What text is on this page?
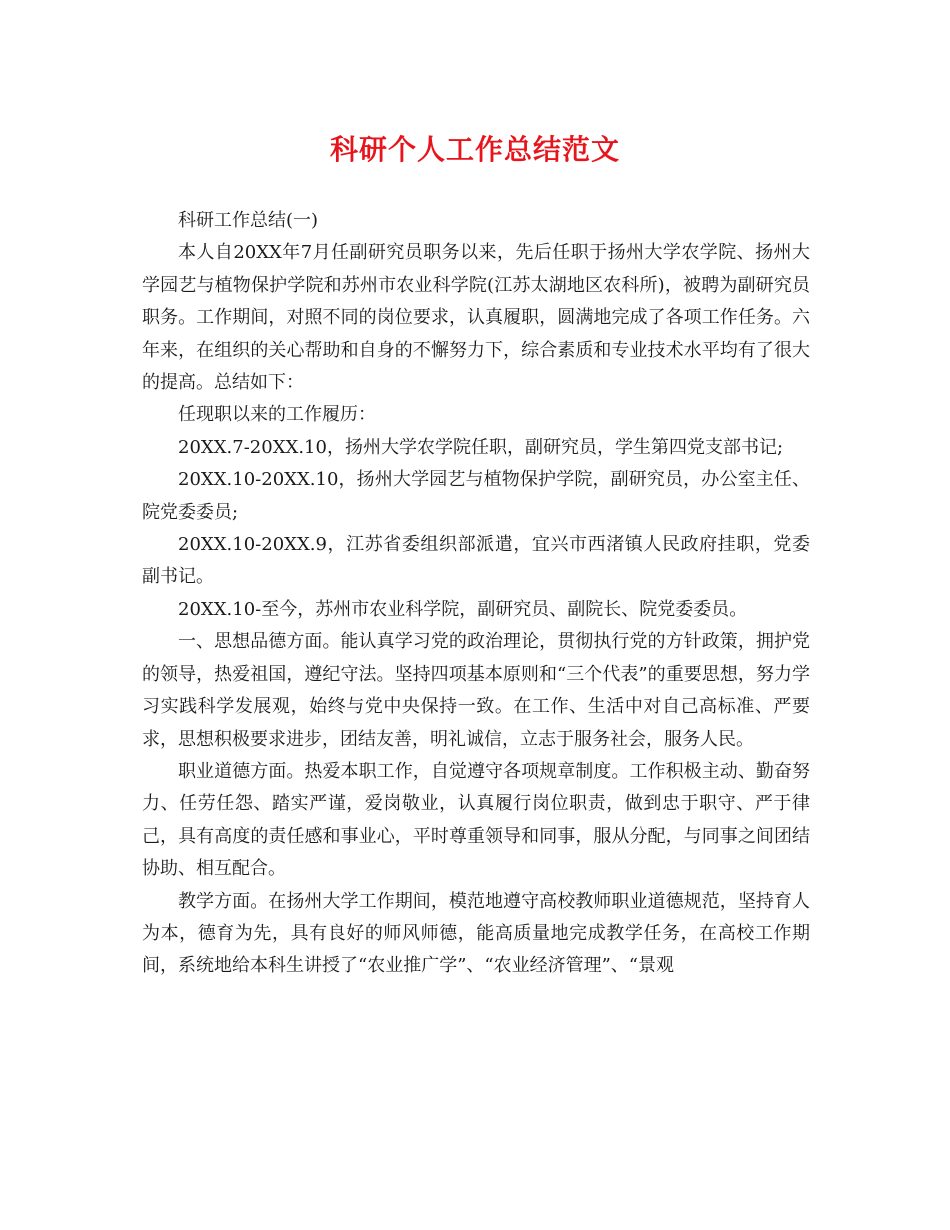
科研个人工作总结范文

科研工作总结(一)

本人自20XX年7月任副研究员职务以来，先后任职于扬州大学农学院、扬州大学园艺与植物保护学院和苏州市农业科学院(江苏太湖地区农科所)，被聘为副研究员职务。工作期间，对照不同的岗位要求，认真履职，圆满地完成了各项工作任务。六年来，在组织的关心帮助和自身的不懈努力下，综合素质和专业技术水平均有了很大的提高。总结如下：

任现职以来的工作履历：

20XX.7-20XX.10，扬州大学农学院任职，副研究员，学生第四党支部书记;

20XX.10-20XX.10，扬州大学园艺与植物保护学院，副研究员，办公室主任、院党委委员;

20XX.10-20XX.9，江苏省委组织部派遣，宜兴市西渚镇人民政府挂职，党委副书记。

20XX.10-至今，苏州市农业科学院，副研究员、副院长、院党委委员。

一、思想品德方面。能认真学习党的政治理论，贯彻执行党的方针政策，拥护党的领导，热爱祖国，遵纪守法。坚持四项基本原则和“三个代表”的重要思想，努力学习实践科学发展观，始终与党中央保持一致。在工作、生活中对自己高标准、严要求，思想积极要求进步，团结友善，明礼诚信，立志于服务社会，服务人民。

职业道德方面。热爱本职工作，自觉遵守各项规章制度。工作积极主动、勤奋努力、任劳任怨、踏实严谨，爱岗敬业，认真履行岗位职责，做到忠于职守、严于律己，具有高度的责任感和事业心，平时尊重领导和同事，服从分配，与同事之间团结协助、相互配合。

教学方面。在扬州大学工作期间，模范地遵守高校教师职业道德规范，坚持育人为本，德育为先，具有良好的师风师德，能高质量地完成教学任务，在高校工作期间，系统地给本科生讲授了“农业推广学”、“农业经济管理”、“景观
